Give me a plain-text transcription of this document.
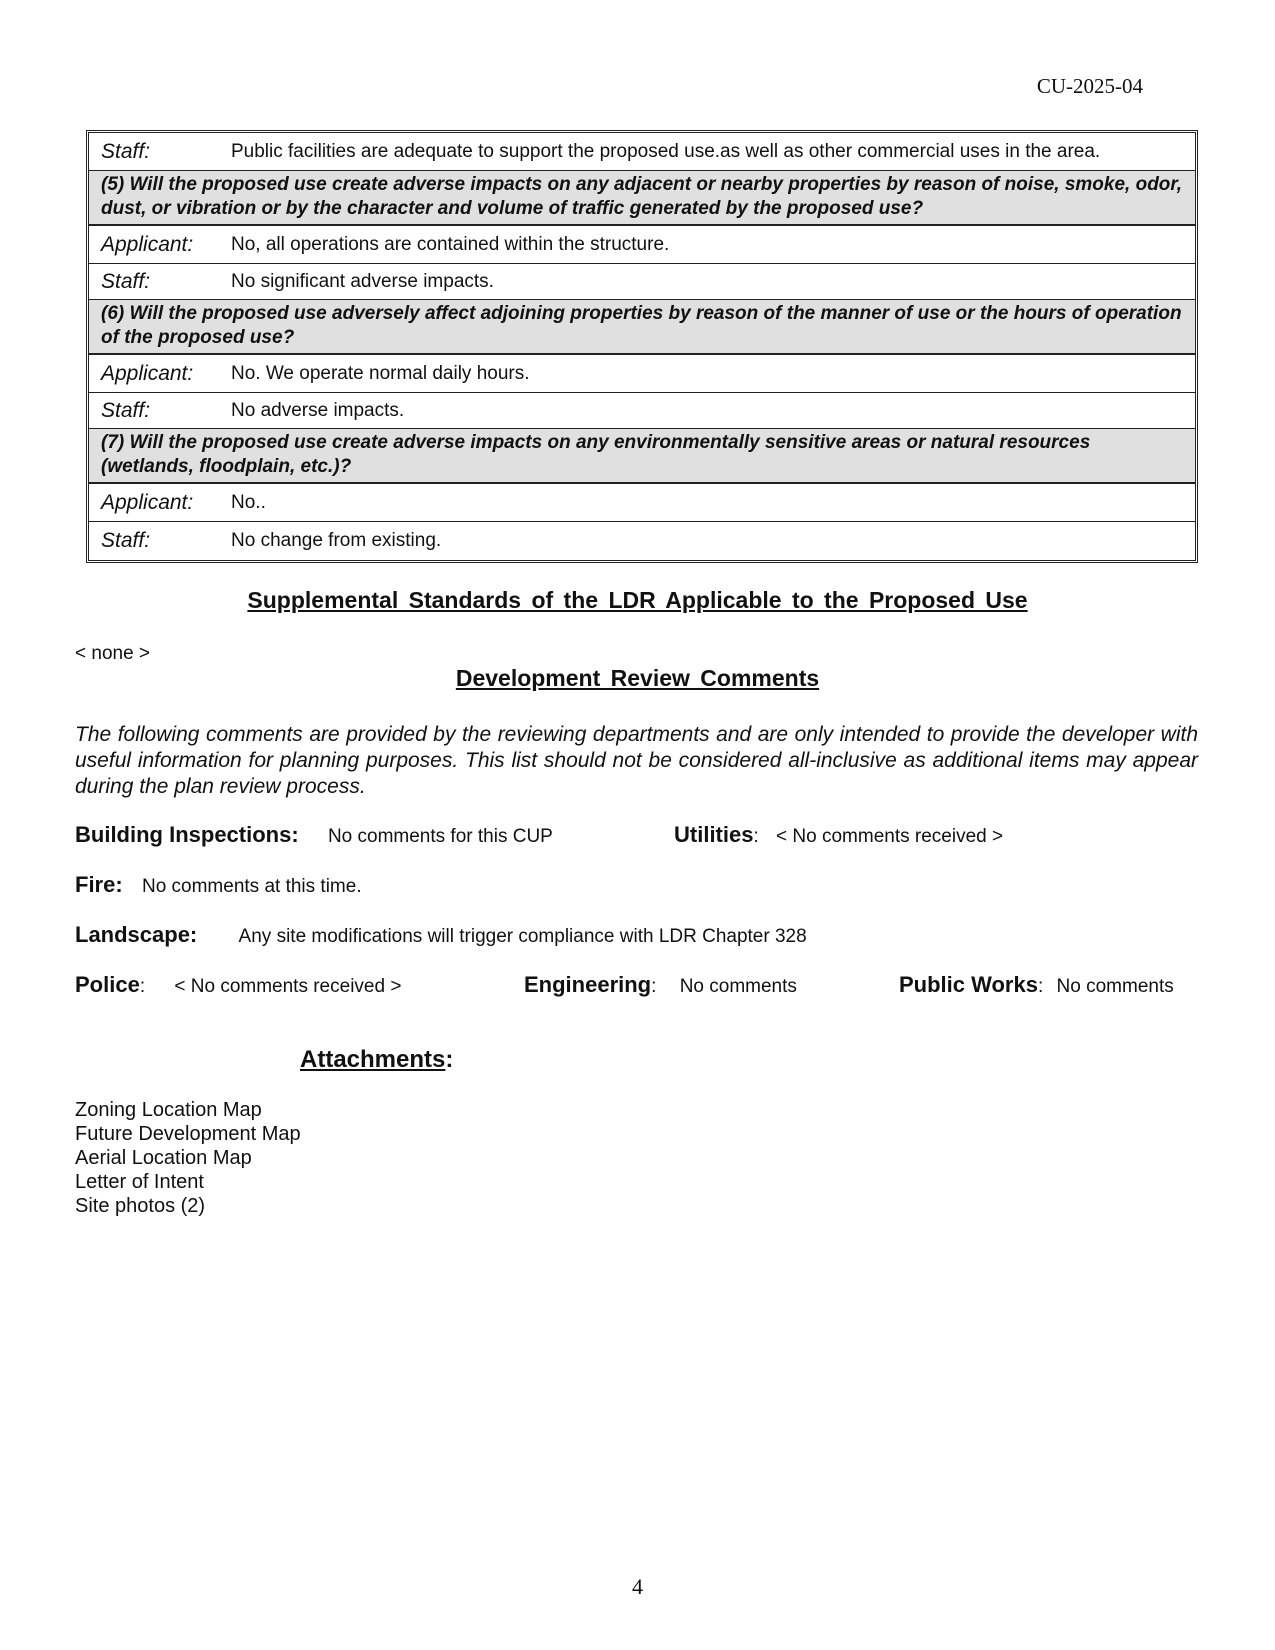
CU-2025-04
Staff:	Public facilities are adequate to support the proposed use.as well as other commercial uses in the area.
(5) Will the proposed use create adverse impacts on any adjacent or nearby properties by reason of noise, smoke, odor, dust, or vibration or by the character and volume of traffic generated by the proposed use?
Applicant:	No, all operations are contained within the structure.
Staff:	No significant adverse impacts.
(6) Will the proposed use adversely affect adjoining properties by reason of the manner of use or the hours of operation of the proposed use?
Applicant:	No. We operate normal daily hours.
Staff:	No adverse impacts.
(7) Will the proposed use create adverse impacts on any environmentally sensitive areas or natural resources (wetlands, floodplain, etc.)?
Applicant:	No..
Staff:	No change from existing.
Supplemental Standards of the LDR Applicable to the Proposed Use
< none >
Development Review Comments
The following comments are provided by the reviewing departments and are only intended to provide the developer with useful information for planning purposes. This list should not be considered all-inclusive as additional items may appear during the plan review process.
Building Inspections: No comments for this CUP	Utilities: < No comments received >
Fire: No comments at this time.
Landscape: Any site modifications will trigger compliance with LDR Chapter 328
Police: < No comments received >	Engineering: No comments	Public Works: No comments
Attachments:
Zoning Location Map
Future Development Map
Aerial Location Map
Letter of Intent
Site photos (2)
4
